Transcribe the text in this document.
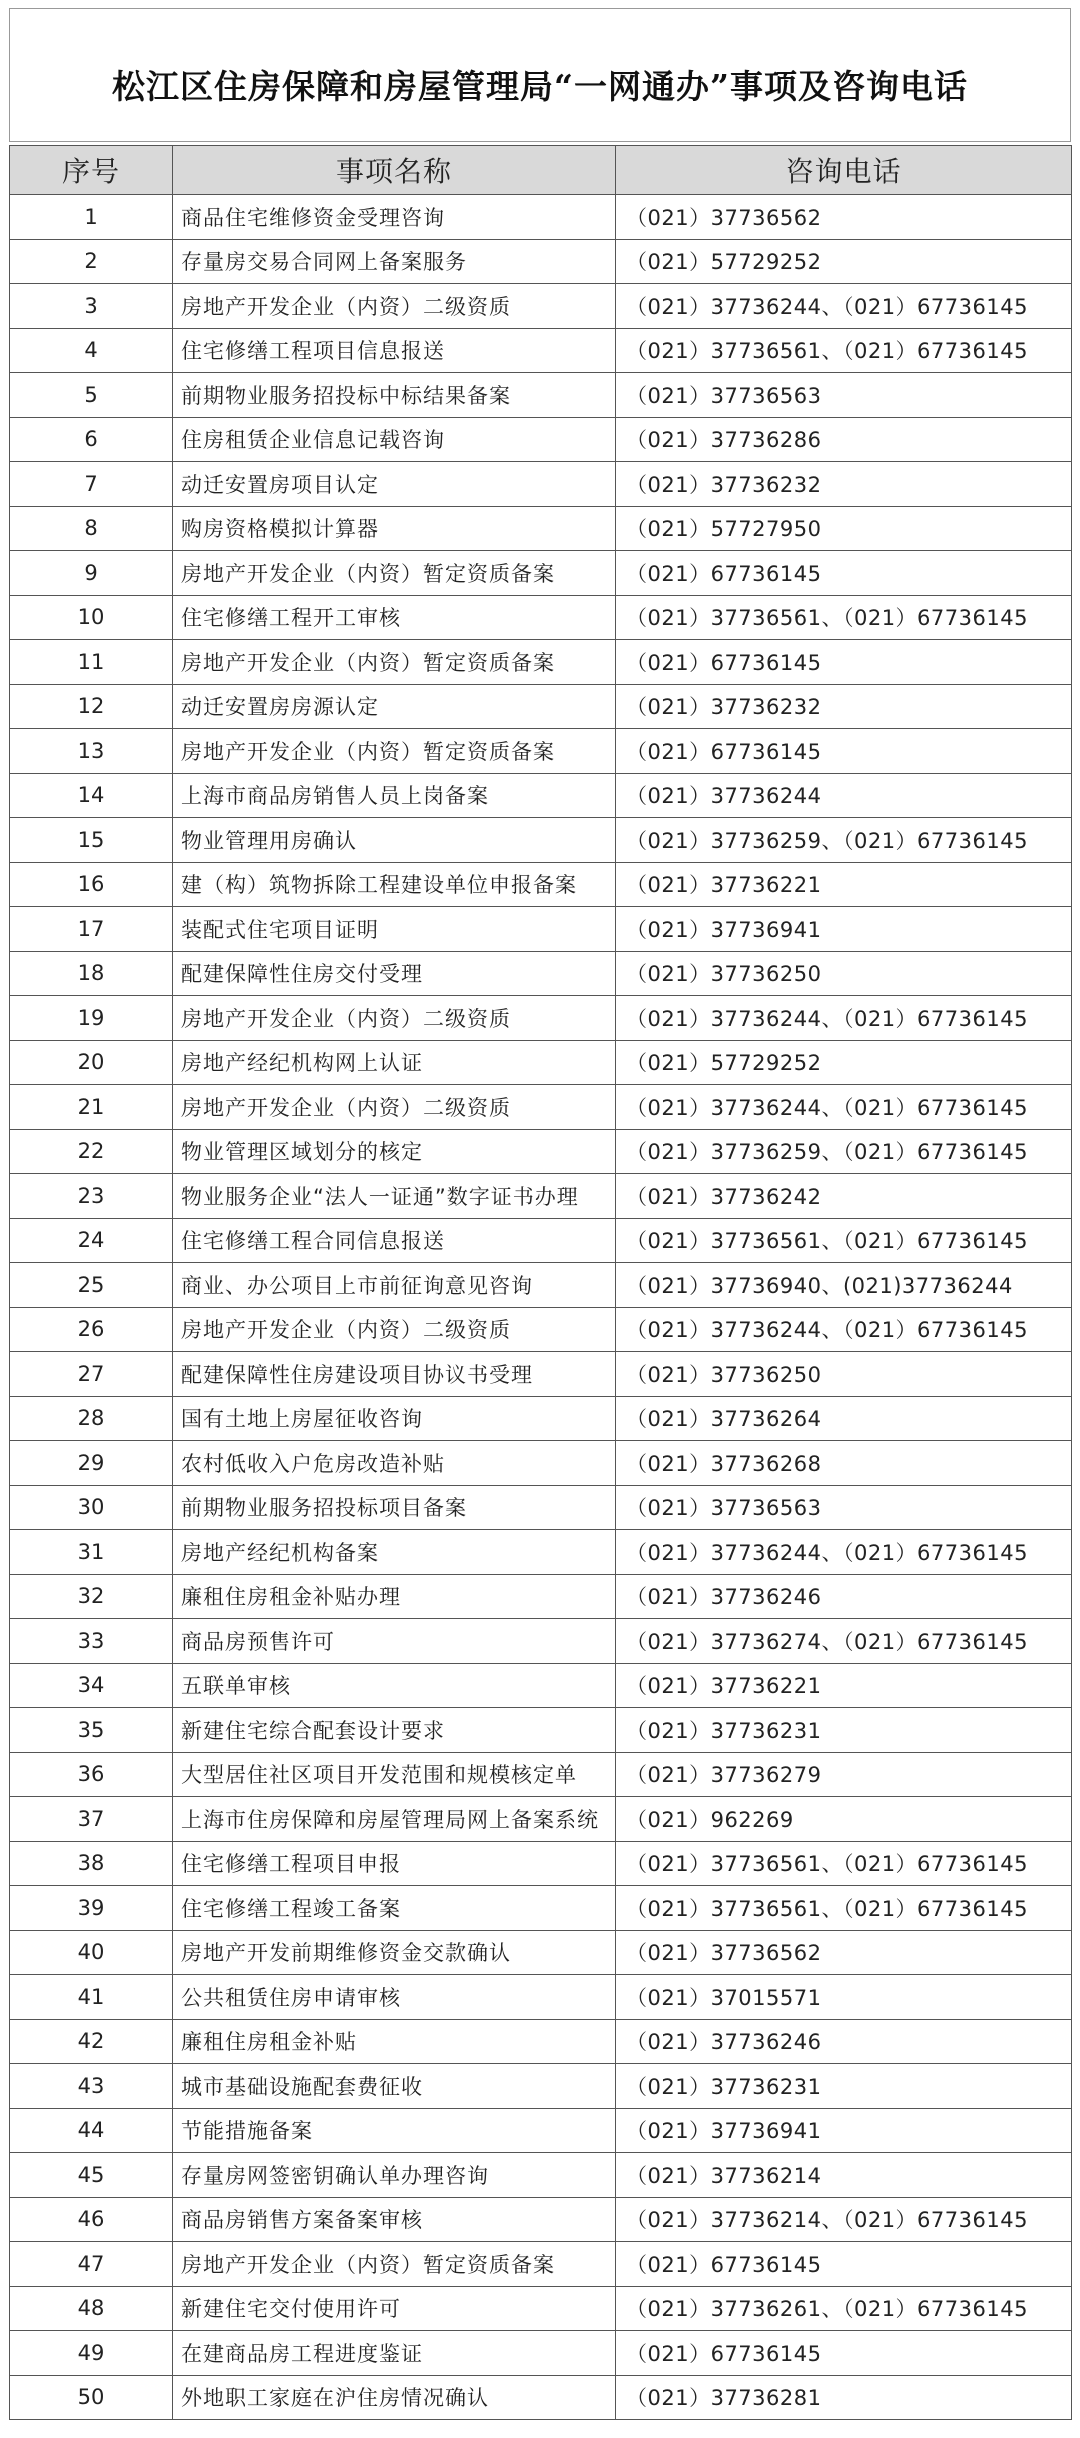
松江区住房保障和房屋管理局“一网通办”事项及咨询电话
序号	事项名称	咨询电话
1	商品住宅维修资金受理咨询	（021）37736562
2	存量房交易合同网上备案服务	（021）57729252
3	房地产开发企业（内资）二级资质	（021）37736244、（021）67736145
4	住宅修缮工程项目信息报送	（021）37736561、（021）67736145
5	前期物业服务招投标中标结果备案	（021）37736563
6	住房租赁企业信息记载咨询	（021）37736286
7	动迁安置房项目认定	（021）37736232
8	购房资格模拟计算器	（021）57727950
9	房地产开发企业（内资）暂定资质备案	（021）67736145
10	住宅修缮工程开工审核	（021）37736561、（021）67736145
11	房地产开发企业（内资）暂定资质备案	（021）67736145
12	动迁安置房房源认定	（021）37736232
13	房地产开发企业（内资）暂定资质备案	（021）67736145
14	上海市商品房销售人员上岗备案	（021）37736244
15	物业管理用房确认	（021）37736259、（021）67736145
16	建（构）筑物拆除工程建设单位申报备案	（021）37736221
17	装配式住宅项目证明	（021）37736941
18	配建保障性住房交付受理	（021）37736250
19	房地产开发企业（内资）二级资质	（021）37736244、（021）67736145
20	房地产经纪机构网上认证	（021）57729252
21	房地产开发企业（内资）二级资质	（021）37736244、（021）67736145
22	物业管理区域划分的核定	（021）37736259、（021）67736145
23	物业服务企业“法人一证通”数字证书办理	（021）37736242
24	住宅修缮工程合同信息报送	（021）37736561、（021）67736145
25	商业、办公项目上市前征询意见咨询	（021）37736940、(021)37736244
26	房地产开发企业（内资）二级资质	（021）37736244、（021）67736145
27	配建保障性住房建设项目协议书受理	（021）37736250
28	国有土地上房屋征收咨询	（021）37736264
29	农村低收入户危房改造补贴	（021）37736268
30	前期物业服务招投标项目备案	（021）37736563
31	房地产经纪机构备案	（021）37736244、（021）67736145
32	廉租住房租金补贴办理	（021）37736246
33	商品房预售许可	（021）37736274、（021）67736145
34	五联单审核	（021）37736221
35	新建住宅综合配套设计要求	（021）37736231
36	大型居住社区项目开发范围和规模核定单	（021）37736279
37	上海市住房保障和房屋管理局网上备案系统	（021）962269
38	住宅修缮工程项目申报	（021）37736561、（021）67736145
39	住宅修缮工程竣工备案	（021）37736561、（021）67736145
40	房地产开发前期维修资金交款确认	（021）37736562
41	公共租赁住房申请审核	（021）37015571
42	廉租住房租金补贴	（021）37736246
43	城市基础设施配套费征收	（021）37736231
44	节能措施备案	（021）37736941
45	存量房网签密钥确认单办理咨询	（021）37736214
46	商品房销售方案备案审核	（021）37736214、（021）67736145
47	房地产开发企业（内资）暂定资质备案	（021）67736145
48	新建住宅交付使用许可	（021）37736261、（021）67736145
49	在建商品房工程进度鉴证	（021）67736145
50	外地职工家庭在沪住房情况确认	（021）37736281
